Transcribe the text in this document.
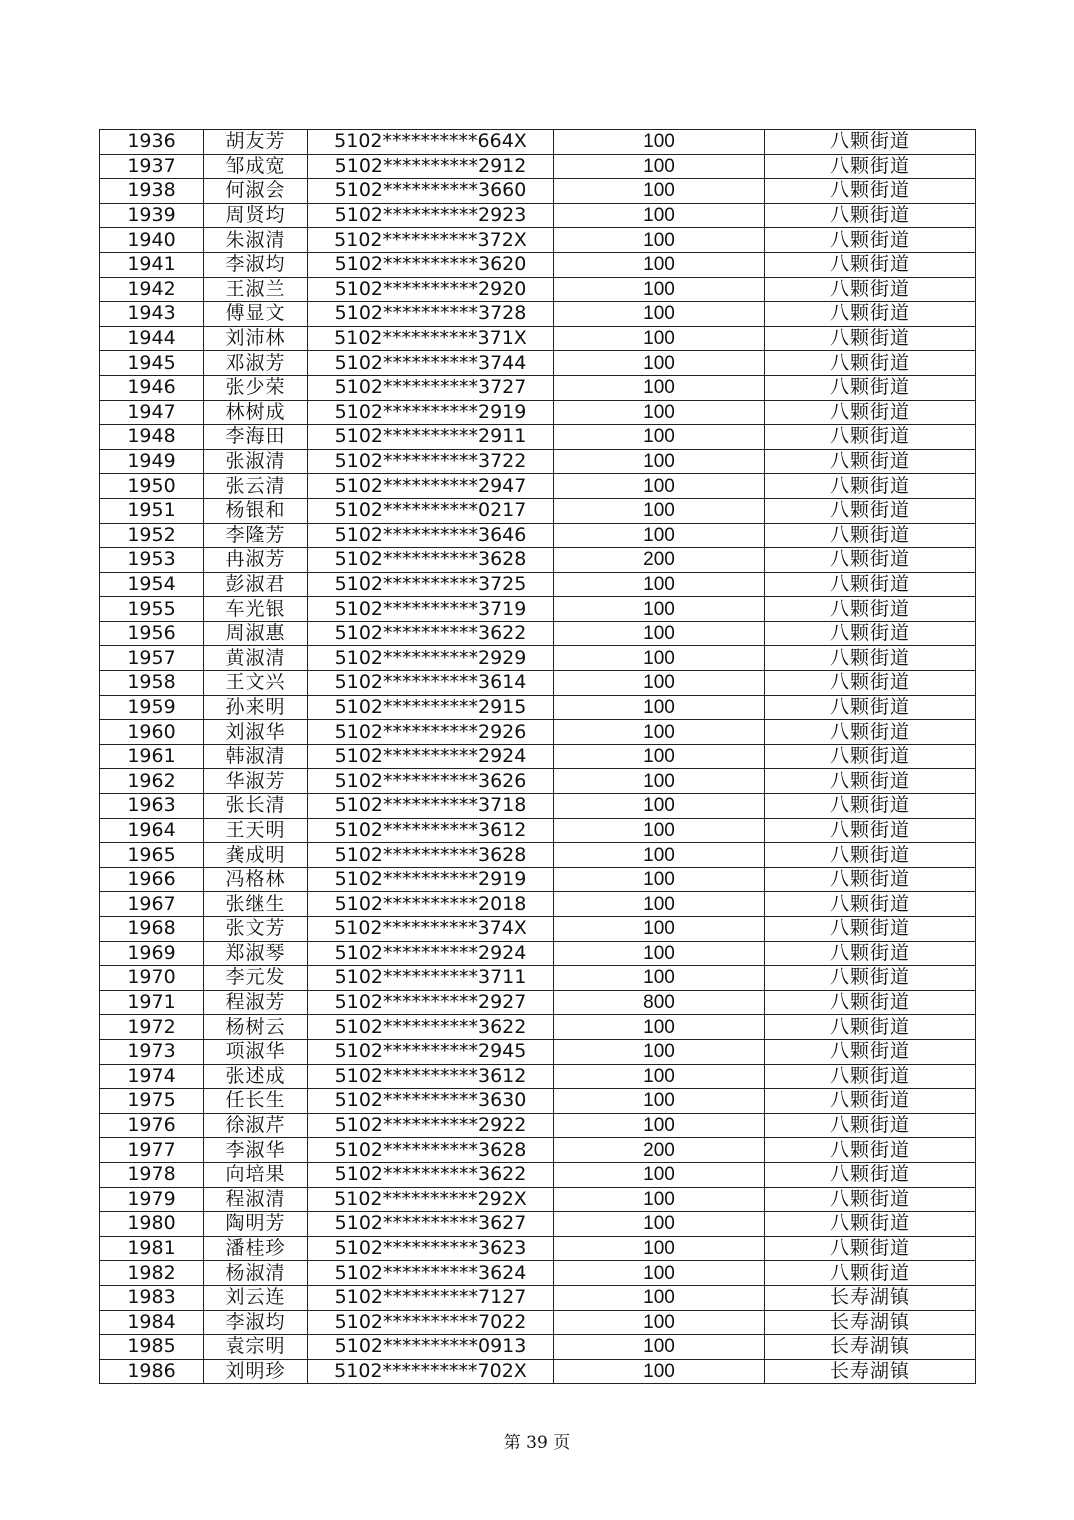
1936	胡友芳	5102**********664X	100	八颗街道
1937	邹成宽	5102**********2912	100	八颗街道
1938	何淑会	5102**********3660	100	八颗街道
1939	周贤均	5102**********2923	100	八颗街道
1940	朱淑清	5102**********372X	100	八颗街道
1941	李淑均	5102**********3620	100	八颗街道
1942	王淑兰	5102**********2920	100	八颗街道
1943	傅显文	5102**********3728	100	八颗街道
1944	刘沛林	5102**********371X	100	八颗街道
1945	邓淑芳	5102**********3744	100	八颗街道
1946	张少荣	5102**********3727	100	八颗街道
1947	林树成	5102**********2919	100	八颗街道
1948	李海田	5102**********2911	100	八颗街道
1949	张淑清	5102**********3722	100	八颗街道
1950	张云清	5102**********2947	100	八颗街道
1951	杨银和	5102**********0217	100	八颗街道
1952	李隆芳	5102**********3646	100	八颗街道
1953	冉淑芳	5102**********3628	200	八颗街道
1954	彭淑君	5102**********3725	100	八颗街道
1955	车光银	5102**********3719	100	八颗街道
1956	周淑惠	5102**********3622	100	八颗街道
1957	黄淑清	5102**********2929	100	八颗街道
1958	王文兴	5102**********3614	100	八颗街道
1959	孙来明	5102**********2915	100	八颗街道
1960	刘淑华	5102**********2926	100	八颗街道
1961	韩淑清	5102**********2924	100	八颗街道
1962	华淑芳	5102**********3626	100	八颗街道
1963	张长清	5102**********3718	100	八颗街道
1964	王天明	5102**********3612	100	八颗街道
1965	龚成明	5102**********3628	100	八颗街道
1966	冯格林	5102**********2919	100	八颗街道
1967	张继生	5102**********2018	100	八颗街道
1968	张文芳	5102**********374X	100	八颗街道
1969	郑淑琴	5102**********2924	100	八颗街道
1970	李元发	5102**********3711	100	八颗街道
1971	程淑芳	5102**********2927	800	八颗街道
1972	杨树云	5102**********3622	100	八颗街道
1973	项淑华	5102**********2945	100	八颗街道
1974	张述成	5102**********3612	100	八颗街道
1975	任长生	5102**********3630	100	八颗街道
1976	徐淑芹	5102**********2922	100	八颗街道
1977	李淑华	5102**********3628	200	八颗街道
1978	向培果	5102**********3622	100	八颗街道
1979	程淑清	5102**********292X	100	八颗街道
1980	陶明芳	5102**********3627	100	八颗街道
1981	潘桂珍	5102**********3623	100	八颗街道
1982	杨淑清	5102**********3624	100	八颗街道
1983	刘云连	5102**********7127	100	长寿湖镇
1984	李淑均	5102**********7022	100	长寿湖镇
1985	袁宗明	5102**********0913	100	长寿湖镇
1986	刘明珍	5102**********702X	100	长寿湖镇
第 39 页
